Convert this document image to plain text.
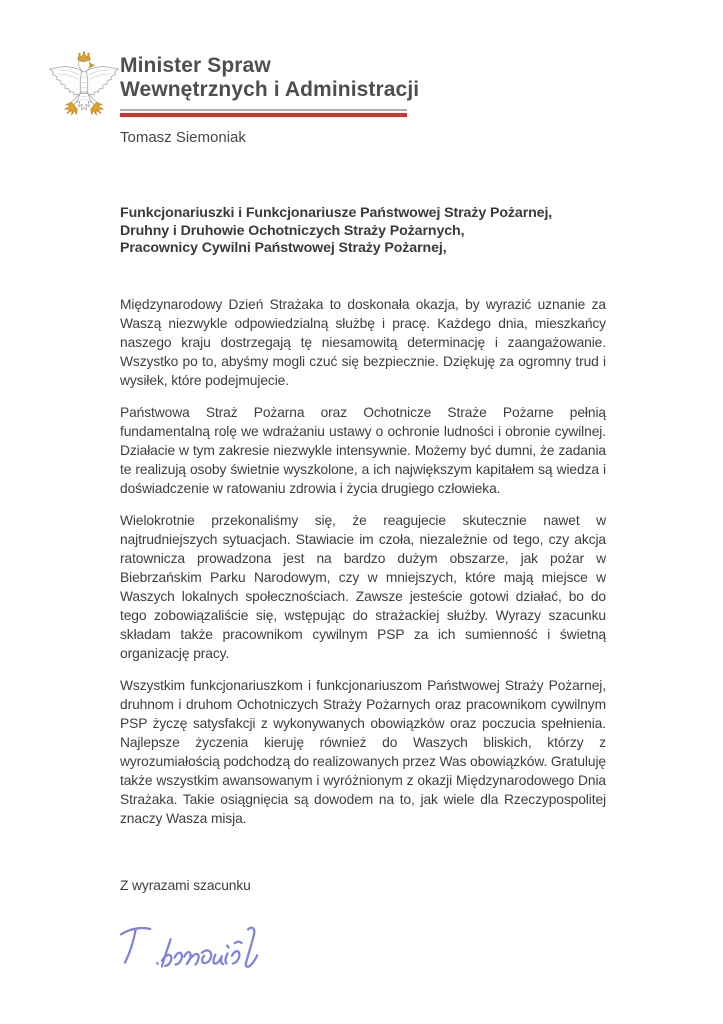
Minister Spraw
Wewnętrznych i Administracji
Tomasz Siemoniak
Funkcjonariuszki i Funkcjonariusze Państwowej Straży Pożarnej,
Druhny i Druhowie Ochotniczych Straży Pożarnych,
Pracownicy Cywilni Państwowej Straży Pożarnej,

Międzynarodowy Dzień Strażaka to doskonała okazja, by wyrazić uznanie za Waszą niezwykle odpowiedzialną służbę i pracę. Każdego dnia, mieszkańcy naszego kraju dostrzegają tę niesamowitą determinację i zaangażowanie. Wszystko po to, abyśmy mogli czuć się bezpiecznie. Dziękuję za ogromny trud i wysiłek, które podejmujecie.

Państwowa Straż Pożarna oraz Ochotnicze Straże Pożarne pełnią fundamentalną rolę we wdrażaniu ustawy o ochronie ludności i obronie cywilnej. Działacie w tym zakresie niezwykle intensywnie. Możemy być dumni, że zadania te realizują osoby świetnie wyszkolone, a ich największym kapitałem są wiedza i doświadczenie w ratowaniu zdrowia i życia drugiego człowieka.

Wielokrotnie przekonaliśmy się, że reagujecie skutecznie nawet w najtrudniejszych sytuacjach. Stawiacie im czoła, niezależnie od tego, czy akcja ratownicza prowadzona jest na bardzo dużym obszarze, jak pożar w Biebrzańskim Parku Narodowym, czy w mniejszych, które mają miejsce w Waszych lokalnych społecznościach. Zawsze jesteście gotowi działać, bo do tego zobowiązaliście się, wstępując do strażackiej służby. Wyrazy szacunku składam także pracownikom cywilnym PSP za ich sumienność i świetną organizację pracy.

Wszystkim funkcjonariuszkom i funkcjonariuszom Państwowej Straży Pożarnej, druhnom i druhom Ochotniczych Straży Pożarnych oraz pracownikom cywilnym PSP życzę satysfakcji z wykonywanych obowiązków oraz poczucia spełnienia. Najlepsze życzenia kieruję również do Waszych bliskich, którzy z wyrozumiałością podchodzą do realizowanych przez Was obowiązków. Gratuluję także wszystkim awansowanym i wyróżnionym z okazji Międzynarodowego Dnia Strażaka. Takie osiągnięcia są dowodem na to, jak wiele dla Rzeczypospolitej znaczy Wasza misja.

Z wyrazami szacunku
